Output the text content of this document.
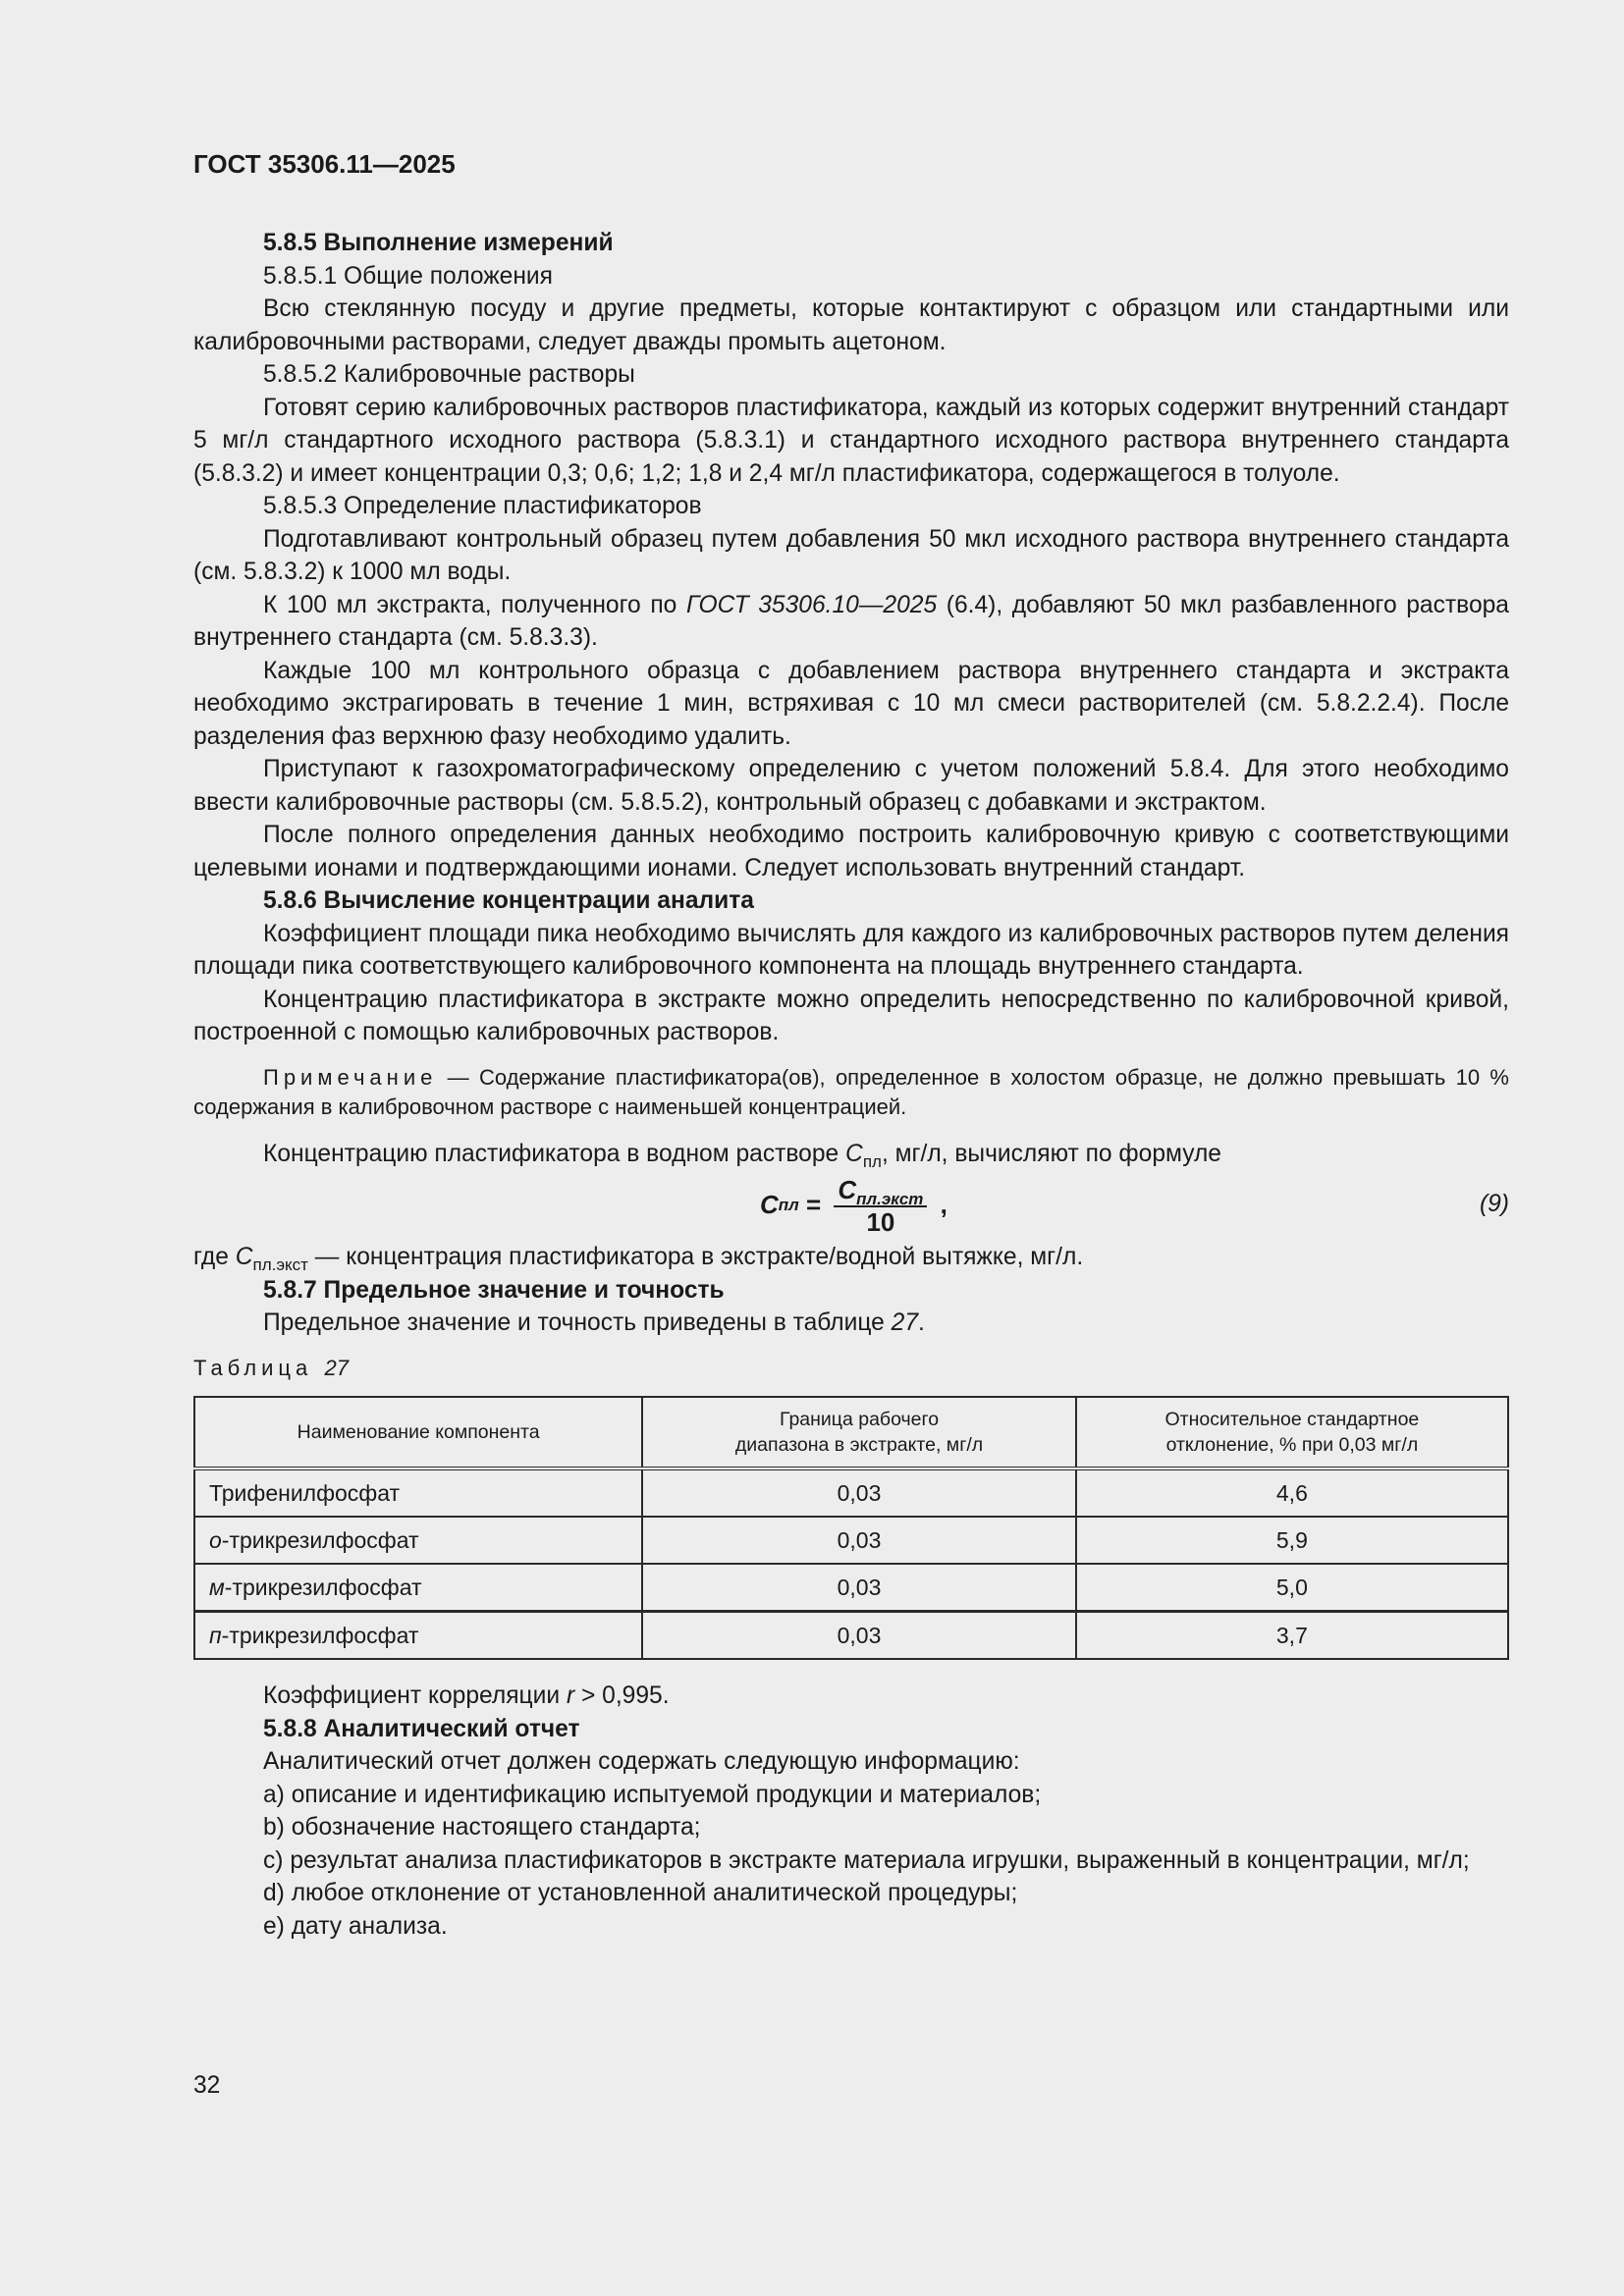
ГОСТ 35306.11—2025

5.8.5 Выполнение измерений

5.8.5.1 Общие положения

Всю стеклянную посуду и другие предметы, которые контактируют с образцом или стандартными или калибровочными растворами, следует дважды промыть ацетоном.

5.8.5.2 Калибровочные растворы

Готовят серию калибровочных растворов пластификатора, каждый из которых содержит внутренний стандарт 5 мг/л стандартного исходного раствора (5.8.3.1) и стандартного исходного раствора внутреннего стандарта (5.8.3.2) и имеет концентрации 0,3; 0,6; 1,2; 1,8 и 2,4 мг/л пластификатора, содержащегося в толуоле.

5.8.5.3 Определение пластификаторов

Подготавливают контрольный образец путем добавления 50 мкл исходного раствора внутреннего стандарта (см. 5.8.3.2) к 1000 мл воды.

К 100 мл экстракта, полученного по ГОСТ 35306.10—2025 (6.4), добавляют 50 мкл разбавленного раствора внутреннего стандарта (см. 5.8.3.3).

Каждые 100 мл контрольного образца с добавлением раствора внутреннего стандарта и экстракта необходимо экстрагировать в течение 1 мин, встряхивая с 10 мл смеси растворителей (см. 5.8.2.2.4). После разделения фаз верхнюю фазу необходимо удалить.

Приступают к газохроматографическому определению с учетом положений 5.8.4. Для этого необходимо ввести калибровочные растворы (см. 5.8.5.2), контрольный образец с добавками и экстрактом.

После полного определения данных необходимо построить калибровочную кривую с соответствующими целевыми ионами и подтверждающими ионами. Следует использовать внутренний стандарт.

5.8.6 Вычисление концентрации аналита

Коэффициент площади пика необходимо вычислять для каждого из калибровочных растворов путем деления площади пика соответствующего калибровочного компонента на площадь внутреннего стандарта.

Концентрацию пластификатора в экстракте можно определить непосредственно по калибровочной кривой, построенной с помощью калибровочных растворов.

Примечание — Содержание пластификатора(ов), определенное в холостом образце, не должно превышать 10 % содержания в калибровочном растворе с наименьшей концентрацией.

Концентрацию пластификатора в водном растворе $C_{пл}$, мг/л, вычисляют по формуле

C пл = $\frac{C_{пл.экст}}{10}$ ,	(9)

где $C_{пл.экст}$ — концентрация пластификатора в экстракте/водной вытяжке, мг/л.

5.8.7 Предельное значение и точность

Предельное значение и точность приведены в таблице 27.

Таблица 27
Наименование компонента	Граница рабочего диапазона в экстракте, мг/л	Относительное стандартное отклонение, % при 0,03 мг/л
Трифенилфосфат	0,03	4,6
о-трикрезилфосфат	0,03	5,9
м-трикрезилфосфат	0,03	5,0
п-трикрезилфосфат	0,03	3,7

Коэффициент корреляции r > 0,995.

5.8.8 Аналитический отчет

Аналитический отчет должен содержать следующую информацию:

a) описание и идентификацию испытуемой продукции и материалов;

b) обозначение настоящего стандарта;

c) результат анализа пластификаторов в экстракте материала игрушки, выраженный в концентрации, мг/л;

d) любое отклонение от установленной аналитической процедуры;

e) дату анализа.

32
